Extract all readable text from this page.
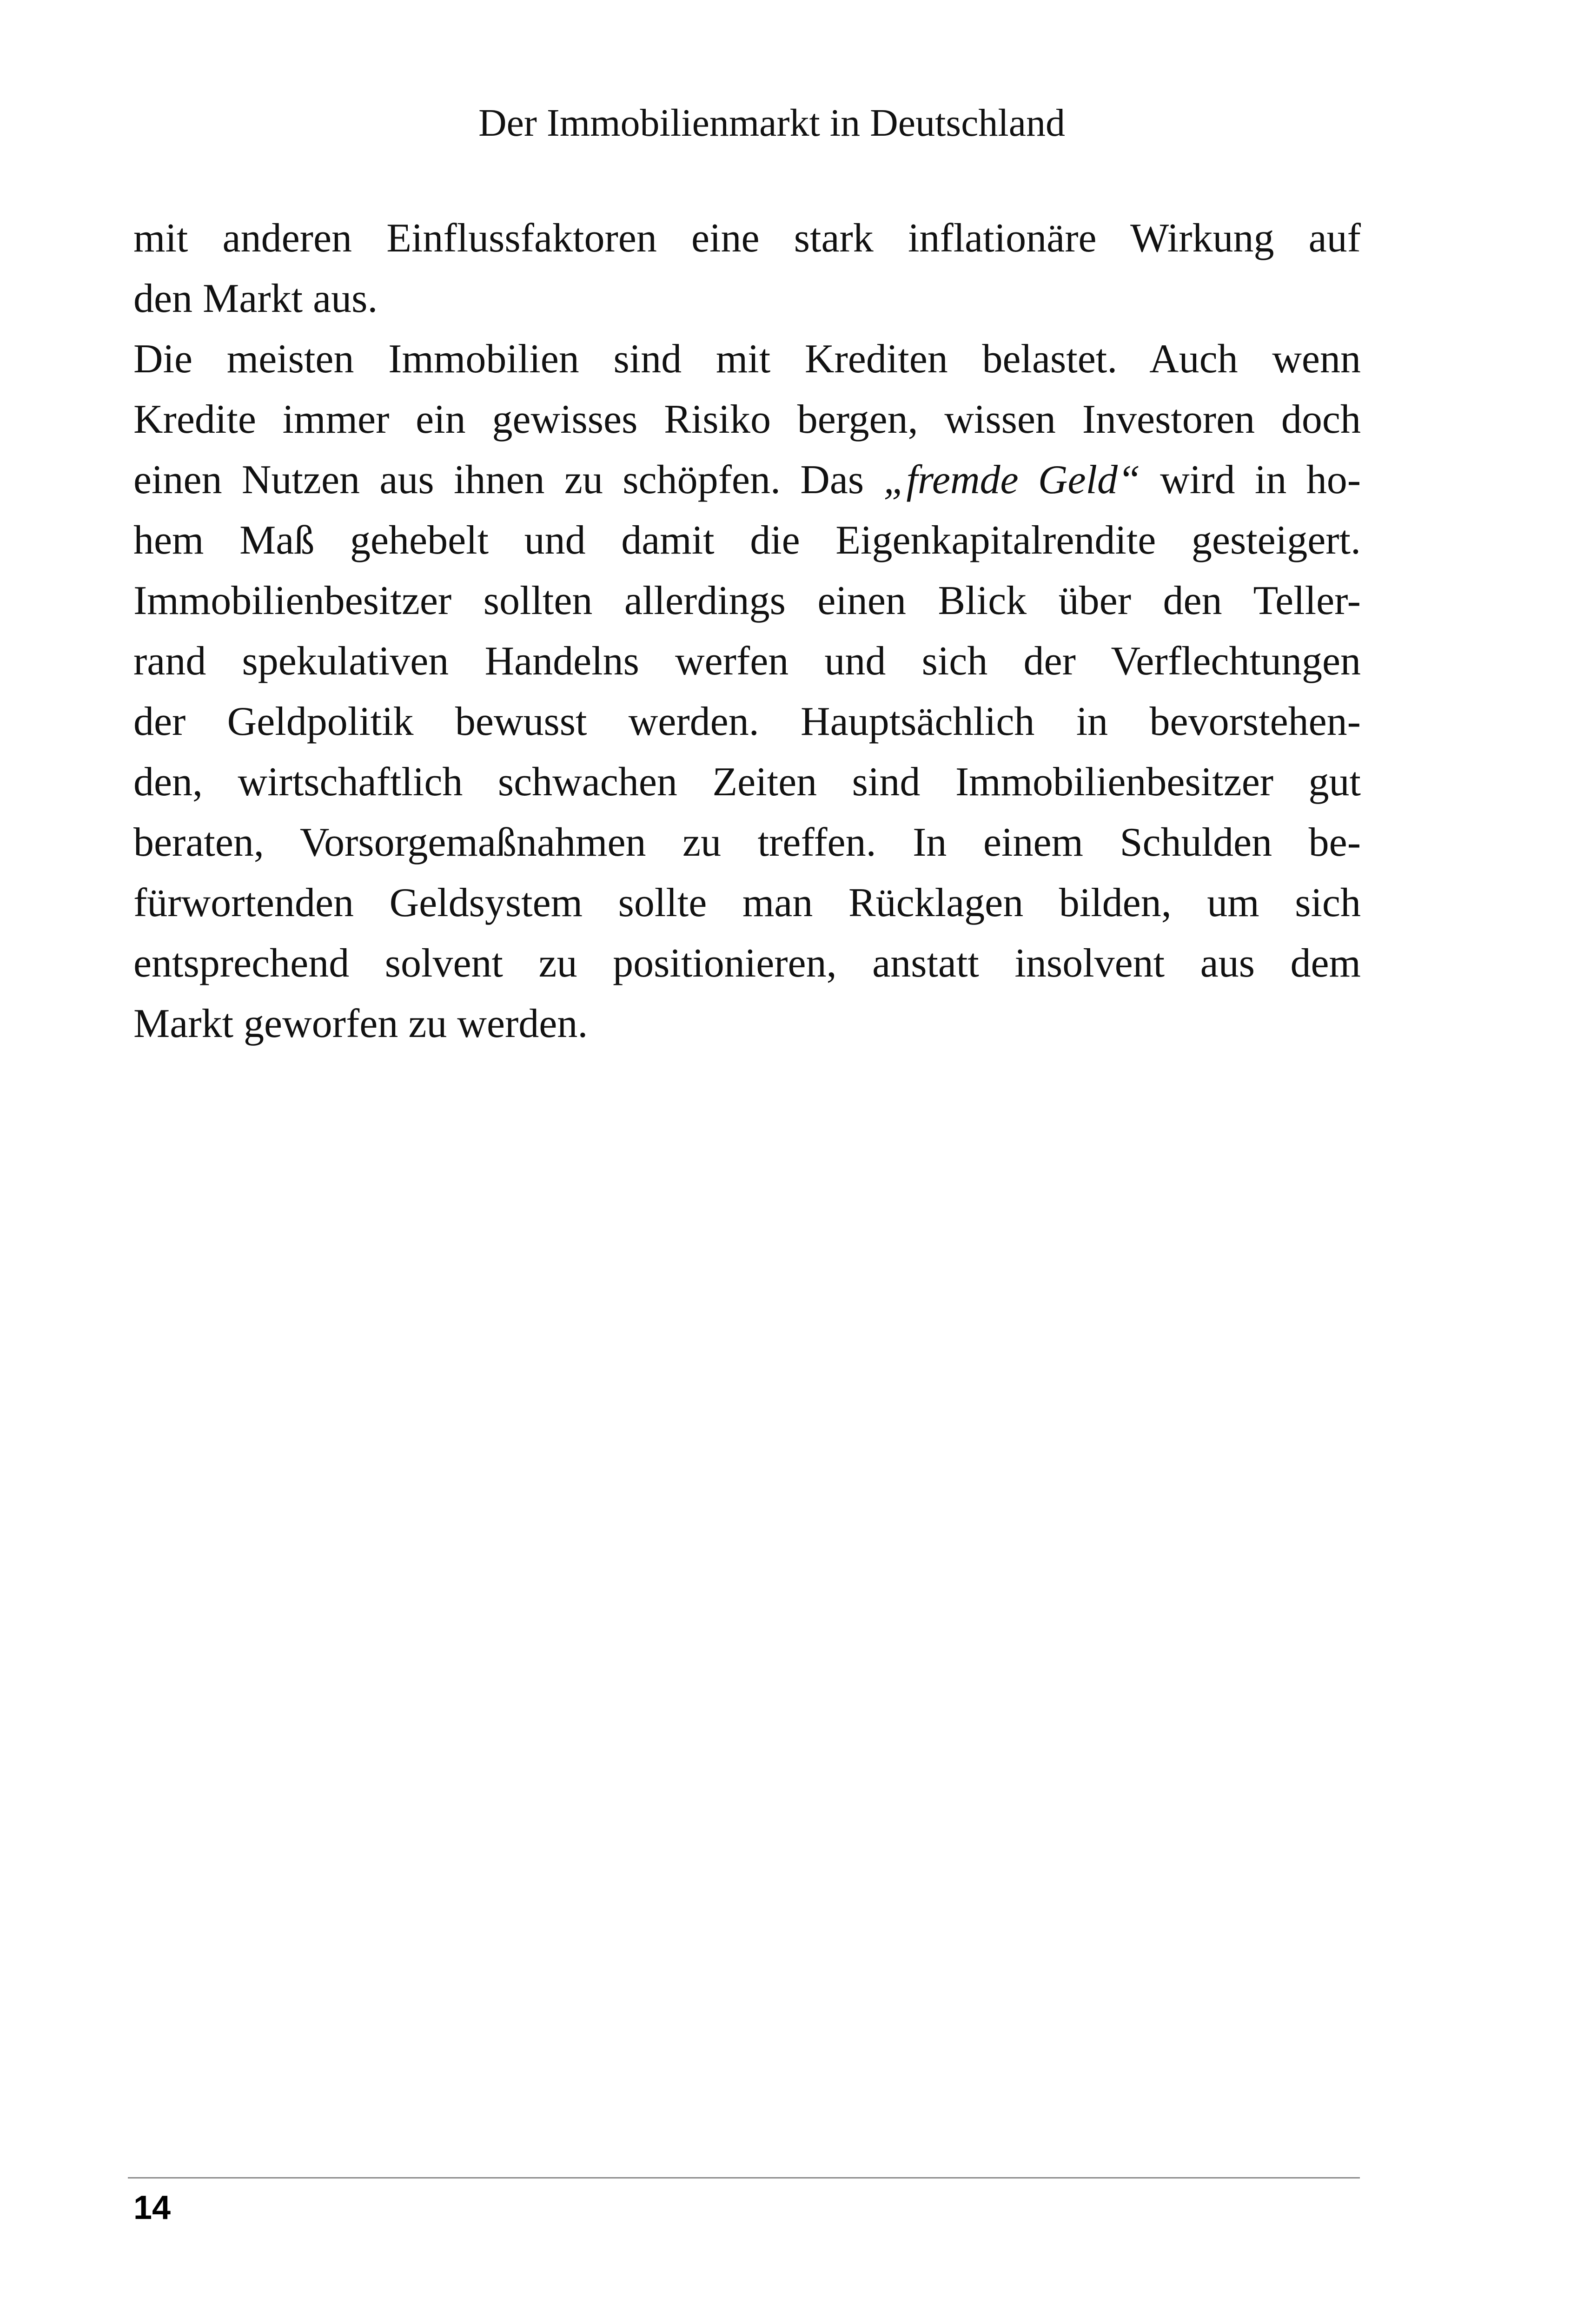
Der Immobilienmarkt in Deutschland
mit anderen Einflussfaktoren eine stark inflationäre Wirkung auf
den Markt aus.
Die meisten Immobilien sind mit Krediten belastet. Auch wenn
Kredite immer ein gewisses Risiko bergen, wissen Investoren doch
einen Nutzen aus ihnen zu schöpfen. Das „fremde Geld“ wird in ho-
hem Maß gehebelt und damit die Eigenkapitalrendite gesteigert.
Immobilienbesitzer sollten allerdings einen Blick über den Teller-
rand spekulativen Handelns werfen und sich der Verflechtungen
der Geldpolitik bewusst werden. Hauptsächlich in bevorstehen-
den, wirtschaftlich schwachen Zeiten sind Immobilienbesitzer gut
beraten, Vorsorgemaßnahmen zu treffen. In einem Schulden be-
fürwortenden Geldsystem sollte man Rücklagen bilden, um sich
entsprechend solvent zu positionieren, anstatt insolvent aus dem
Markt geworfen zu werden.
14
